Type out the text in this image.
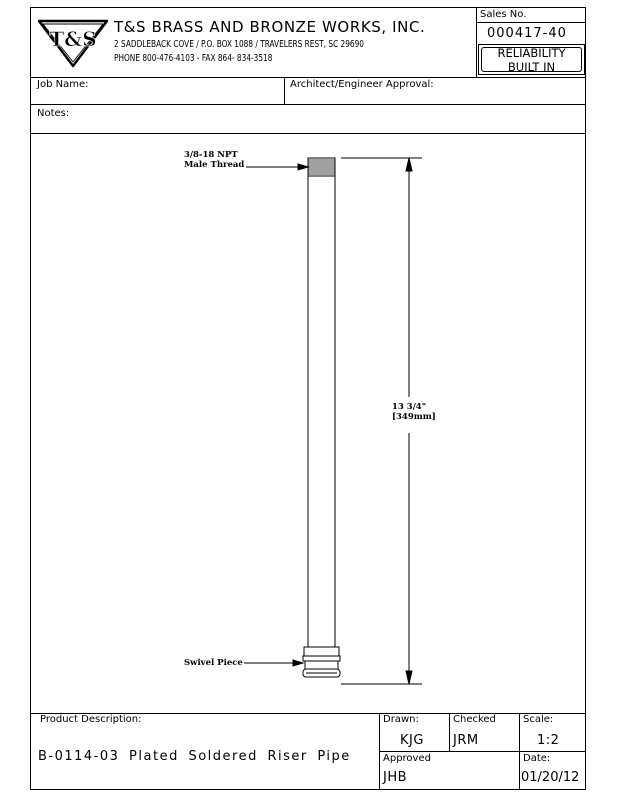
T&S T&S BRASS AND BRONZE WORKS, INC.
2 SADDLEBACK COVE / P.O. BOX 1088 / TRAVELERS REST, SC 29690
PHONE 800-476-4103 - FAX 864- 834-3518
Sales No.
000417-40
RELIABILITY
BUILT IN
Job Name:	Architect/Engineer Approval:
Notes:
3/8-18 NPT
Male Thread
13 3/4"
[349mm]
Swivel Piece
Product Description:
B-0114-03 Plated Soldered Riser Pipe
Drawn:
KJG
Checked
JRM
Scale:
1:2
Approved
JHB
Date:
01/20/12
